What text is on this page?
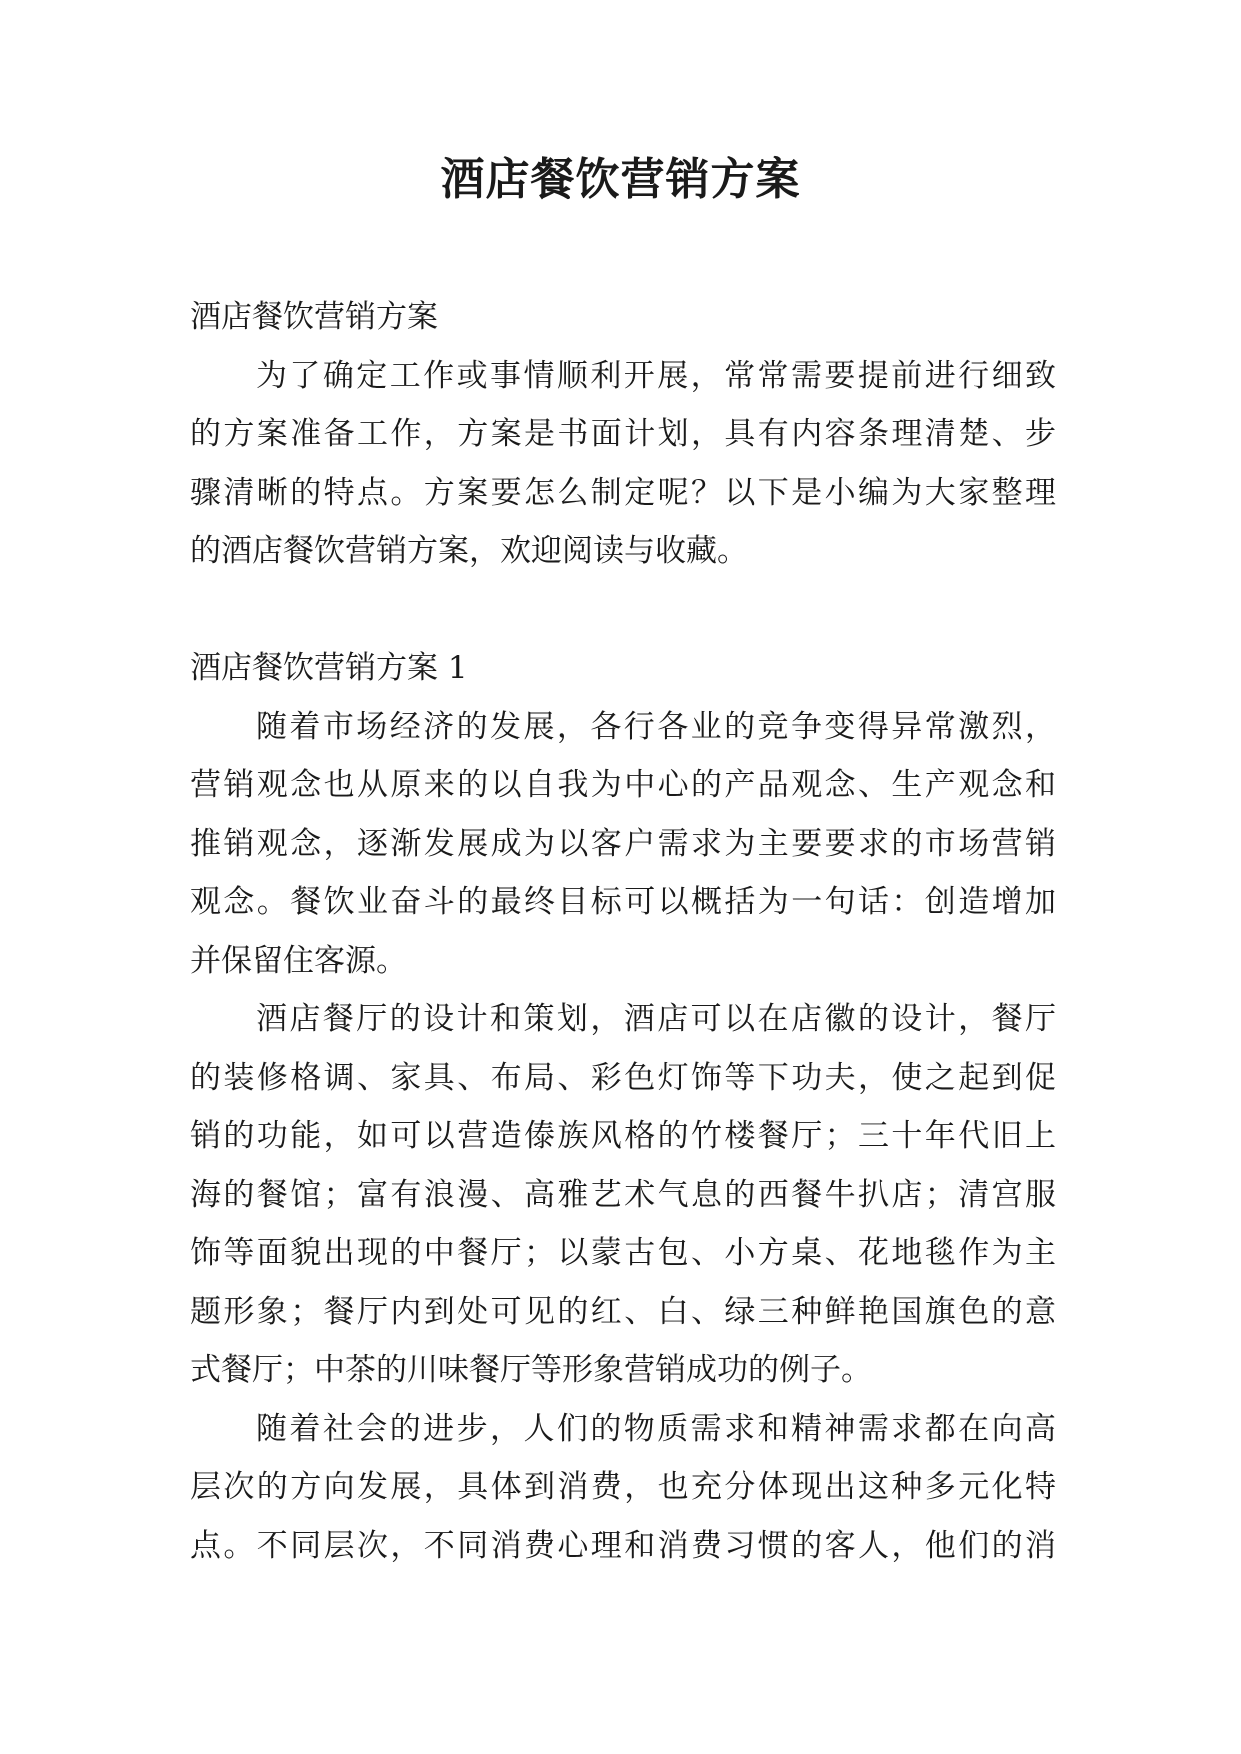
酒店餐饮营销方案
酒店餐饮营销方案
为了确定工作或事情顺利开展，常常需要提前进行细致
的方案准备工作，方案是书面计划，具有内容条理清楚、步
骤清晰的特点。方案要怎么制定呢？以下是小编为大家整理
的酒店餐饮营销方案，欢迎阅读与收藏。
酒店餐饮营销方案 1
随着市场经济的发展，各行各业的竞争变得异常激烈，
营销观念也从原来的以自我为中心的产品观念、生产观念和
推销观念，逐渐发展成为以客户需求为主要要求的市场营销
观念。餐饮业奋斗的最终目标可以概括为一句话：创造增加
并保留住客源。
酒店餐厅的设计和策划，酒店可以在店徽的设计，餐厅
的装修格调、家具、布局、彩色灯饰等下功夫，使之起到促
销的功能，如可以营造傣族风格的竹楼餐厅；三十年代旧上
海的餐馆；富有浪漫、高雅艺术气息的西餐牛扒店；清宫服
饰等面貌出现的中餐厅；以蒙古包、小方桌、花地毯作为主
题形象；餐厅内到处可见的红、白、绿三种鲜艳国旗色的意
式餐厅；中茶的川味餐厅等形象营销成功的例子。
随着社会的进步，人们的物质需求和精神需求都在向高
层次的方向发展，具体到消费，也充分体现出这种多元化特
点。不同层次，不同消费心理和消费习惯的客人，他们的消
